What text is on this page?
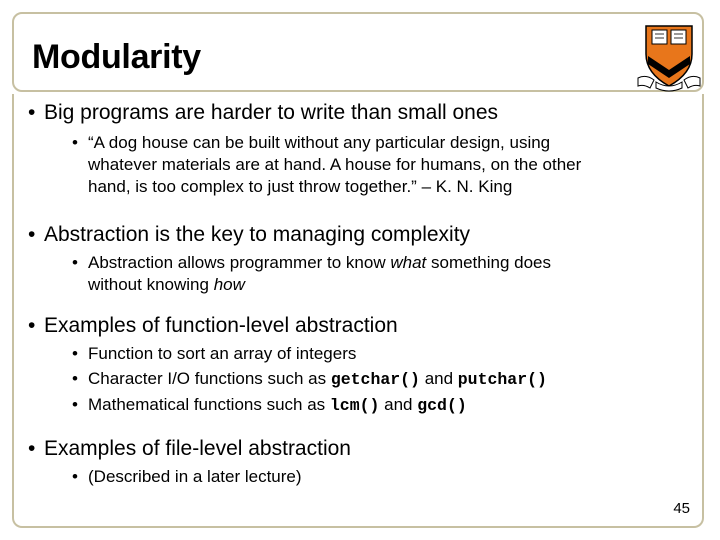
Modularity
• Big programs are harder to write than small ones
• “A dog house can be built without any particular design, using
whatever materials are at hand. A house for humans, on the other
hand, is too complex to just throw together.” – K. N. King
• Abstraction is the key to managing complexity
• Abstraction allows programmer to know what something does
without knowing how
• Examples of function-level abstraction
• Function to sort an array of integers
• Character I/O functions such as getchar() and putchar()
• Mathematical functions such as lcm() and gcd()
• Examples of file-level abstraction
• (Described in a later lecture)
45
